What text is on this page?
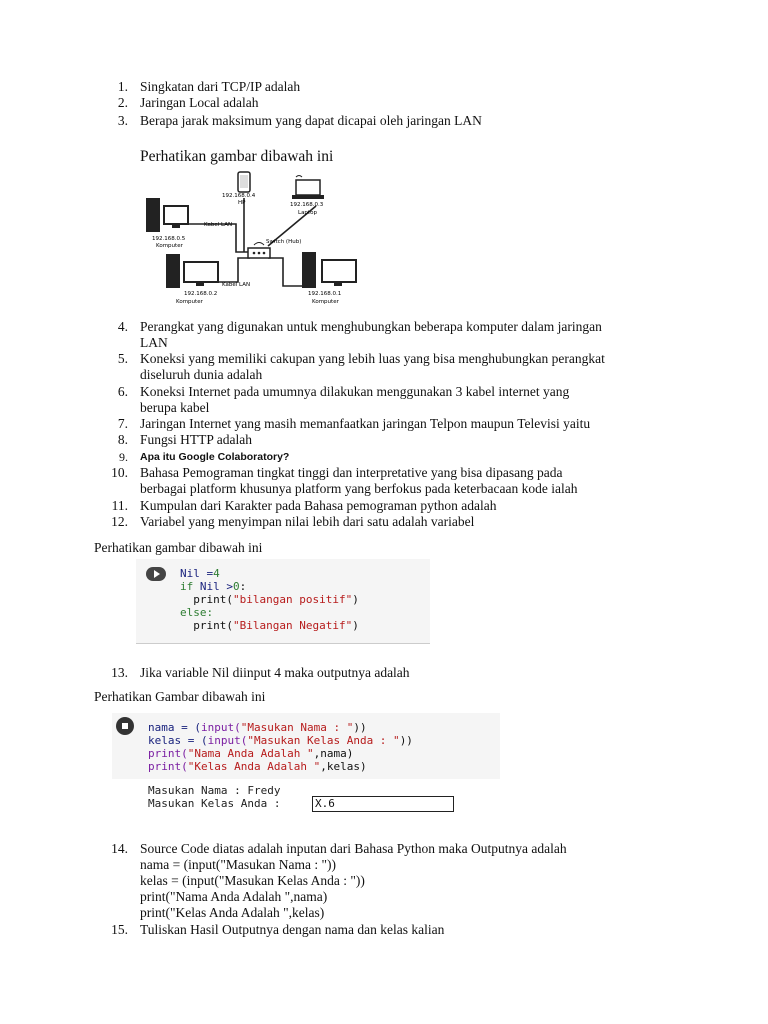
1. Singkatan dari TCP/IP adalah
2. Jaringan Local adalah
3. Berapa jarak maksimum yang dapat dicapai oleh jaringan LAN
Perhatikan gambar dibawah ini
192.168.0.4
HP	192.168.0.3
Laptop
192.168.0.5
Komputer
Kabel LAN
Switch (Hub)
192.168.0.2
Komputer
Kabel LAN
192.168.0.1
Komputer
4. Perangkat yang digunakan untuk menghubungkan beberapa komputer dalam jaringan
LAN
5. Koneksi yang memiliki cakupan yang lebih luas yang bisa menghubungkan perangkat
diseluruh dunia adalah
6. Koneksi Internet pada umumnya dilakukan menggunakan 3 kabel internet yang
berupa kabel
7. Jaringan Internet yang masih memanfaatkan jaringan Telpon maupun Televisi yaitu
8. Fungsi HTTP adalah
9. Apa itu Google Colaboratory?
10. Bahasa Pemograman tingkat tinggi dan interpretative yang bisa dipasang pada
berbagai platform khusunya platform yang berfokus pada keterbacaan kode ialah
11. Kumpulan dari Karakter pada Bahasa pemograman python adalah
12. Variabel yang menyimpan nilai lebih dari satu adalah variabel
Perhatikan gambar dibawah ini
Nil =4
if Nil >0:
print("bilangan positif")
else:
print("Bilangan Negatif")
13. Jika variable Nil diinput 4 maka outputnya adalah
Perhatikan Gambar dibawah ini
nama = (input("Masukan Nama : "))
kelas = (input("Masukan Kelas Anda : "))
print("Nama Anda Adalah ",nama)
print("Kelas Anda Adalah ",kelas)
Masukan Nama : Fredy
Masukan Kelas Anda :	X.6
14. Source Code diatas adalah inputan dari Bahasa Python maka Outputnya adalah
nama = (input("Masukan Nama : "))
kelas = (input("Masukan Kelas Anda : "))
print("Nama Anda Adalah ",nama)
print("Kelas Anda Adalah ",kelas)
15. Tuliskan Hasil Outputnya dengan nama dan kelas kalian
